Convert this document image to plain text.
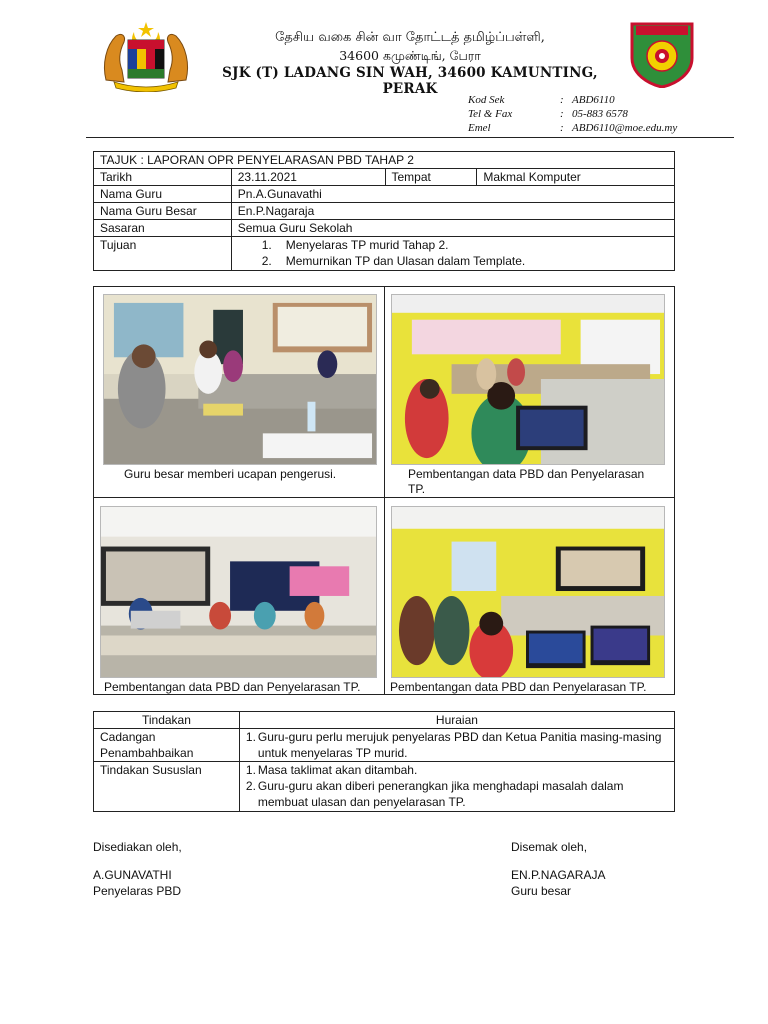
தேசிய வகை சின் வா தோட்டத் தமிழ்ப்பள்ளி,
34600 கமுண்டிங், பேரா
SJK (T) LADANG SIN WAH, 34600 KAMUNTING, PERAK
Kod Sek	: ABD6110
Tel & Fax	: 05-883 6578
Emel	: ABD6110@moe.edu.my
TAJUK : LAPORAN OPR PENYELARASAN PBD TAHAP 2			
Tarikh	23.11.2021	Tempat	Makmal Komputer
Nama Guru	Pn.A.Gunavathi		
Nama Guru Besar	En.P.Nagaraja		
Sasaran	Semua Guru Sekolah		
Tujuan	1. Menyelaras TP murid Tahap 2.
2. Memurnikan TP dan Ulasan dalam Template.		
Guru besar memberi ucapan pengerusi.	Pembentangan data PBD dan Penyelarasan TP.
Pembentangan data PBD dan Penyelarasan TP.	Pembentangan data PBD dan Penyelarasan TP.
Tindakan	Huraian
Cadangan Penambahbaikan	1. Guru-guru perlu merujuk penyelaras PBD dan Ketua Panitia masing-masing untuk menyelaras TP murid.

Tindakan Sususlan	1. Masa taklimat akan ditambah.
2. Guru-guru akan diberi penerangkan jika menghadapi masalah dalam membuat ulasan dan penyelarasan TP.
Disediakan oleh,
A.GUNAVATHI
Penyelaras PBD
Disemak oleh,
EN.P.NAGARAJA
Guru besar
